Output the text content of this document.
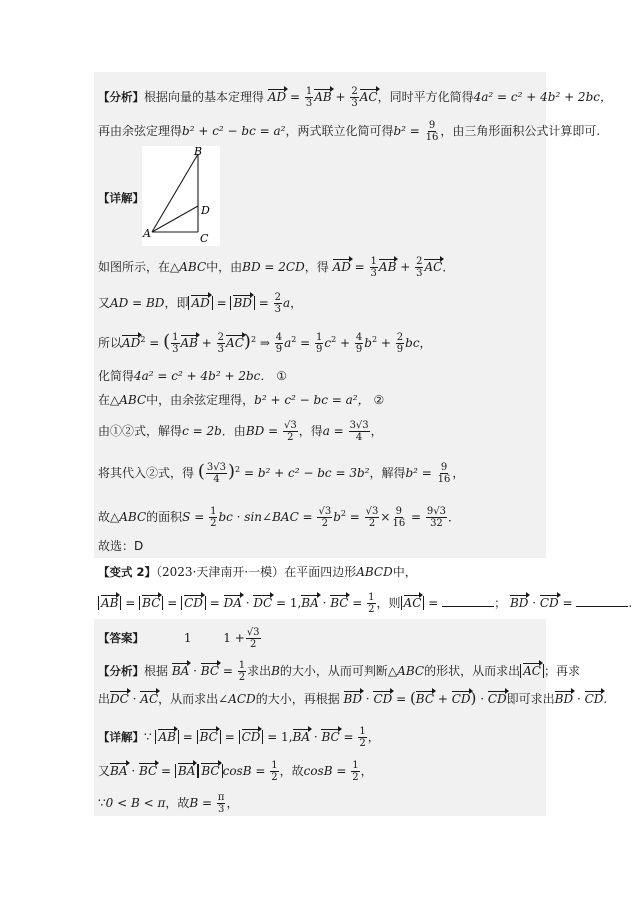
【分析】根据向量的基本定理得 AD = $\frac{1}{3}$ AB + $\frac{2}{3}$ AC，同时平方化简得4a² = c² + 4b² + 2bc，
再由余弦定理得b² + c² − bc = a²，两式联立化简可得$b^2 = \frac{9}{16}$ ，由三角形面积公式计算即可.
B
D
A	C
【详解】
如图所示，在△ABC中，由BD = 2CD，得 AD = $\frac{1}{3}$ AB + $\frac{2}{3}$ AC．
又AD = BD，即 AD = BD = $\frac{2}{3}$ a，
所以$AD^2$ = ( $\frac{1}{3}$ AB + $\frac{2}{3} AC)^2$ ⇒ $\frac{4}{9} a^2 = \frac{1}{9} c^2 + \frac{4}{9} b^2 + \frac{2}{9}$ bc，
化简得4a² = c² + 4b² + 2bc． ①
在△ABC中，由余弦定理得，b² + c² − bc = a²， ②
由①②式，解得c = 2b．由BD = $\frac{√3}{2}$ ，得$a = \frac{3√3}{4}$ ，
将其代入②式，得 ( $\frac{3√3}{4} )^2 = b^2 + c^2$ − bc = 3b²，解得$b^2 = \frac{9}{16}$ ，
故△ABC的面积$S = \frac{1}{2}$ bc · sin∠BAC = $\frac{√3}{2} b^2 = \frac{√3}{2} \times \frac{9}{16} = \frac{9√3}{32}$ ．
故选：D
【变式 2】（2023·天津南开·一模）在平面四边形ABCD中，
AB = BC = CD = DA · DC = 1,BA · BC = $\frac{1}{2}$ ，则 AC =	； BD · CD =	.
【答案】	1	$1 + \frac{√3}{2}$
【分析】根据 BA · BC = $\frac{1}{2}$ 求出B的大小，从而可判断△ABC的形状，从而求出 AC ；再求
出DC · AC，从而求出∠ACD的大小，再根据 BD · CD = (BC + CD) · CD即可求出BD · CD.
【详解】∵ AB = BC = CD = 1,BA · BC = $\frac{1}{2}$ ，
又BA · BC = BA BC $\cos B = \frac{1}{2}$ ，故$\cos B = \frac{1}{2}$ ，
∵0 < B < π，故$B = \frac{\pi}{3}$ ，
